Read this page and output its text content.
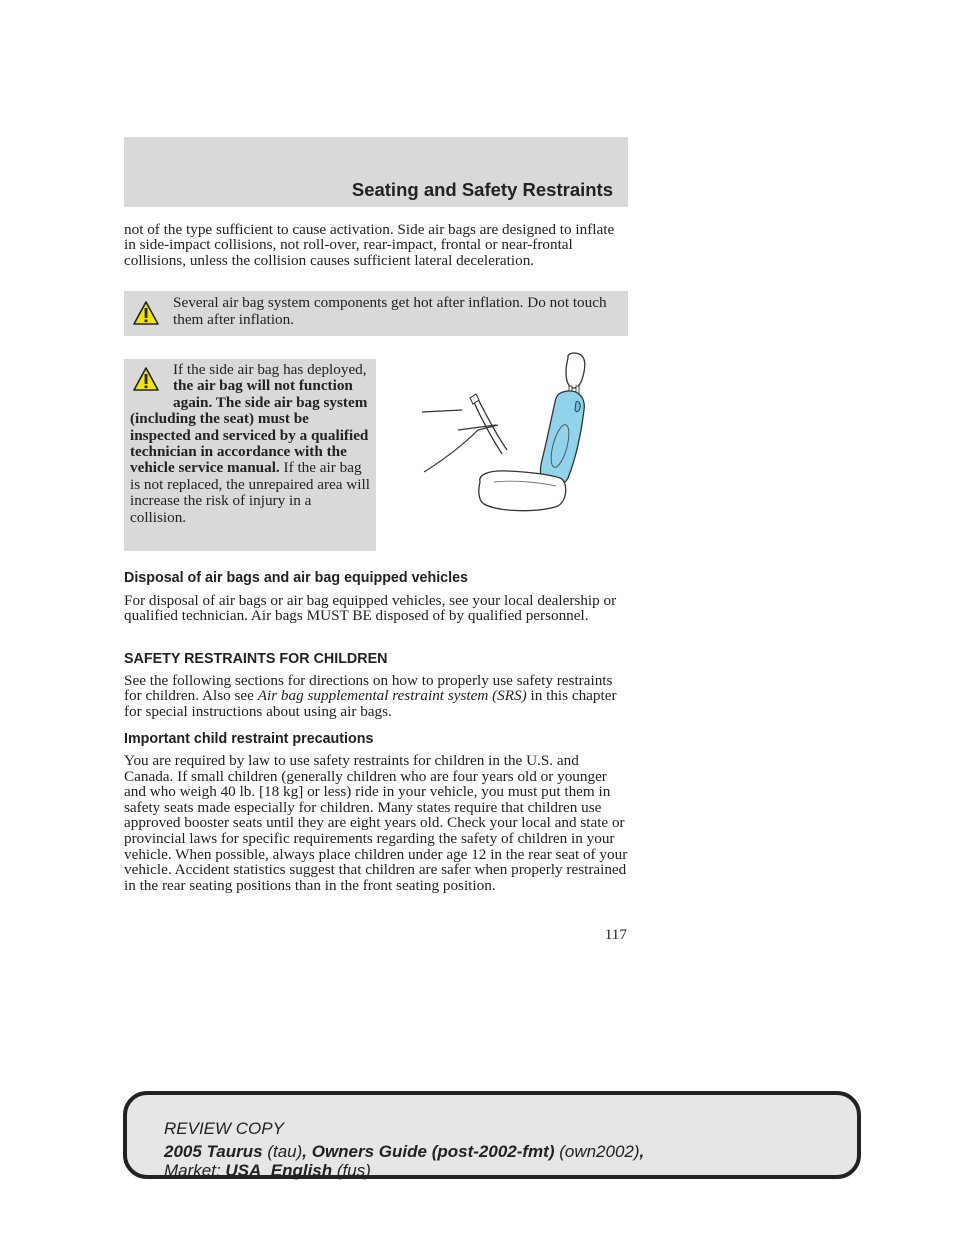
Seating and Safety Restraints

not of the type sufficient to cause activation. Side air bags are designed to inflate in side-impact collisions, not roll-over, rear-impact, frontal or near-frontal collisions, unless the collision causes sufficient lateral deceleration.

Several air bag system components get hot after inflation. Do not touch them after inflation.
If the side air bag has deployed, the air bag will not function again. The side air bag system (including the seat) must be inspected and serviced by a qualified technician in accordance with the vehicle service manual. If the air bag is not replaced, the unrepaired area will increase the risk of injury in a collision.
Disposal of air bags and air bag equipped vehicles

For disposal of air bags or air bag equipped vehicles, see your local dealership or qualified technician. Air bags MUST BE disposed of by qualified personnel.

SAFETY RESTRAINTS FOR CHILDREN

See the following sections for directions on how to properly use safety restraints for children. Also see Air bag supplemental restraint system (SRS) in this chapter for special instructions about using air bags.

Important child restraint precautions

You are required by law to use safety restraints for children in the U.S. and Canada. If small children (generally children who are four years old or younger and who weigh 40 lb. [18 kg] or less) ride in your vehicle, you must put them in safety seats made especially for children. Many states require that children use approved booster seats until they are eight years old. Check your local and state or provincial laws for specific requirements regarding the safety of children in your vehicle. When possible, always place children under age 12 in the rear seat of your vehicle. Accident statistics suggest that children are safer when properly restrained in the rear seating positions than in the front seating position.

117
REVIEW COPY
2005 Taurus (tau), Owners Guide (post-2002-fmt) (own2002),
Market: USA_English (fus)
